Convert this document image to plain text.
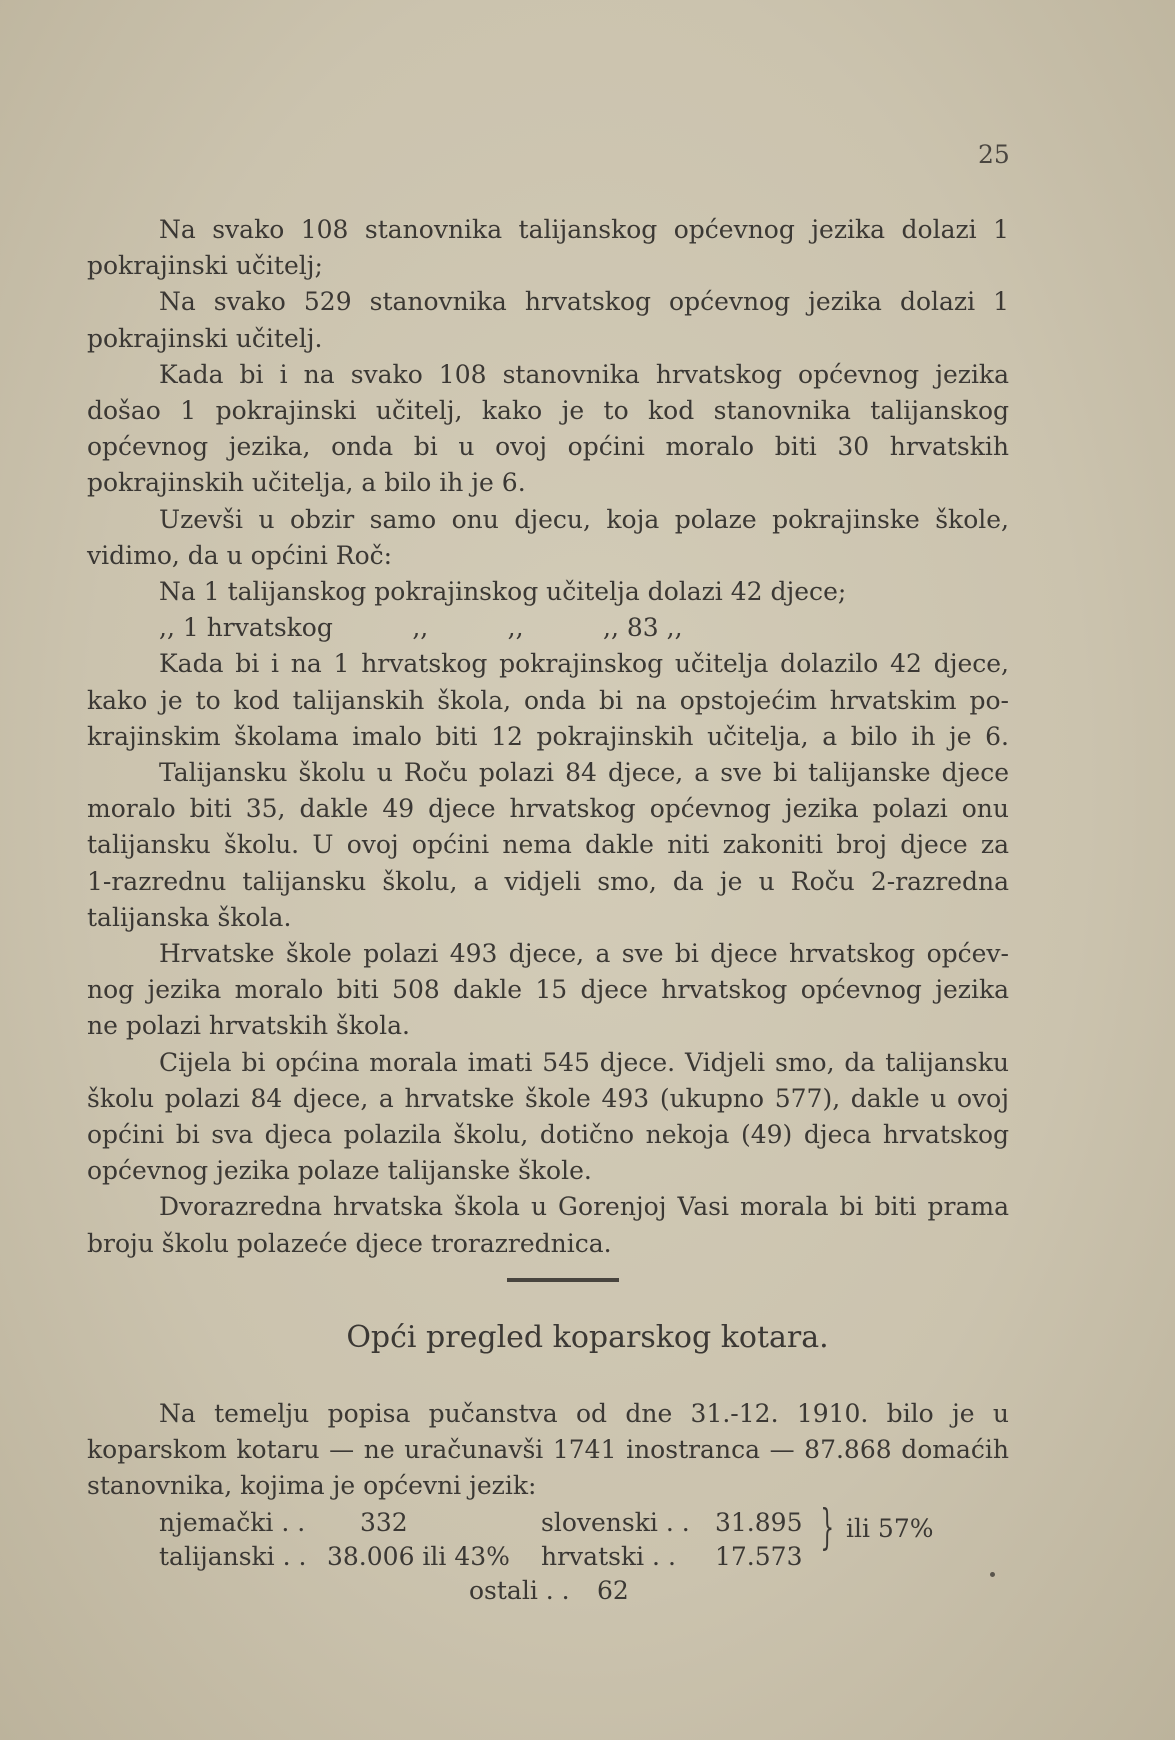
25
Na svako 108 stanovnika talijanskog općevnog jezika dolazi 1
pokrajinski učitelj;
Na svako 529 stanovnika hrvatskog općevnog jezika dolazi 1
pokrajinski učitelj.
Kada bi i na svako 108 stanovnika hrvatskog općevnog jezika
došao 1 pokrajinski učitelj, kako je to kod stanovnika talijanskog
općevnog jezika, onda bi u ovoj općini moralo biti 30 hrvatskih
pokrajinskih učitelja, a bilo ih je 6.
Uzevši u obzir samo onu djecu, koja polaze pokrajinske škole,
vidimo, da u općini Roč:
Na 1 talijanskog pokrajinskog učitelja dolazi 42 djece;
,, 1 hrvatskog          ,,          ,,          ,, 83 ,,
Kada bi i na 1 hrvatskog pokrajinskog učitelja dolazilo 42 djece,
kako je to kod talijanskih škola, onda bi na opstojećim hrvatskim po-
krajinskim školama imalo biti 12 pokrajinskih učitelja, a bilo ih je 6.
Talijansku školu u Roču polazi 84 djece, a sve bi talijanske djece
moralo biti 35, dakle 49 djece hrvatskog općevnog jezika polazi onu
talijansku školu. U ovoj općini nema dakle niti zakoniti broj djece za
1-razrednu talijansku školu, a vidjeli smo, da je u Roču 2-razredna
talijanska škola.
Hrvatske škole polazi 493 djece, a sve bi djece hrvatskog općev-
nog jezika moralo biti 508 dakle 15 djece hrvatskog općevnog jezika
ne polazi hrvatskih škola.
Cijela bi općina morala imati 545 djece. Vidjeli smo, da talijansku
školu polazi 84 djece, a hrvatske škole 493 (ukupno 577), dakle u ovoj
općini bi sva djeca polazila školu, dotično nekoja (49) djeca hrvatskog
općevnog jezika polaze talijanske škole.
Dvorazredna hrvatska škola u Gorenjoj Vasi morala bi biti prama
broju školu polazeće djece trorazrednica.
Opći pregled koparskog kotara.
Na temelju popisa pučanstva od dne 31.-12. 1910. bilo je u
koparskom kotaru — ne uračunavši 1741 inostranca — 87.868 domaćih
stanovnika, kojima je općevni jezik:
njemački . . 332	slovenski . . 31.895
talijanski . . 38.006 ili 43% hrvatski . . 17.573
ostali . . 62
} ili 57%
